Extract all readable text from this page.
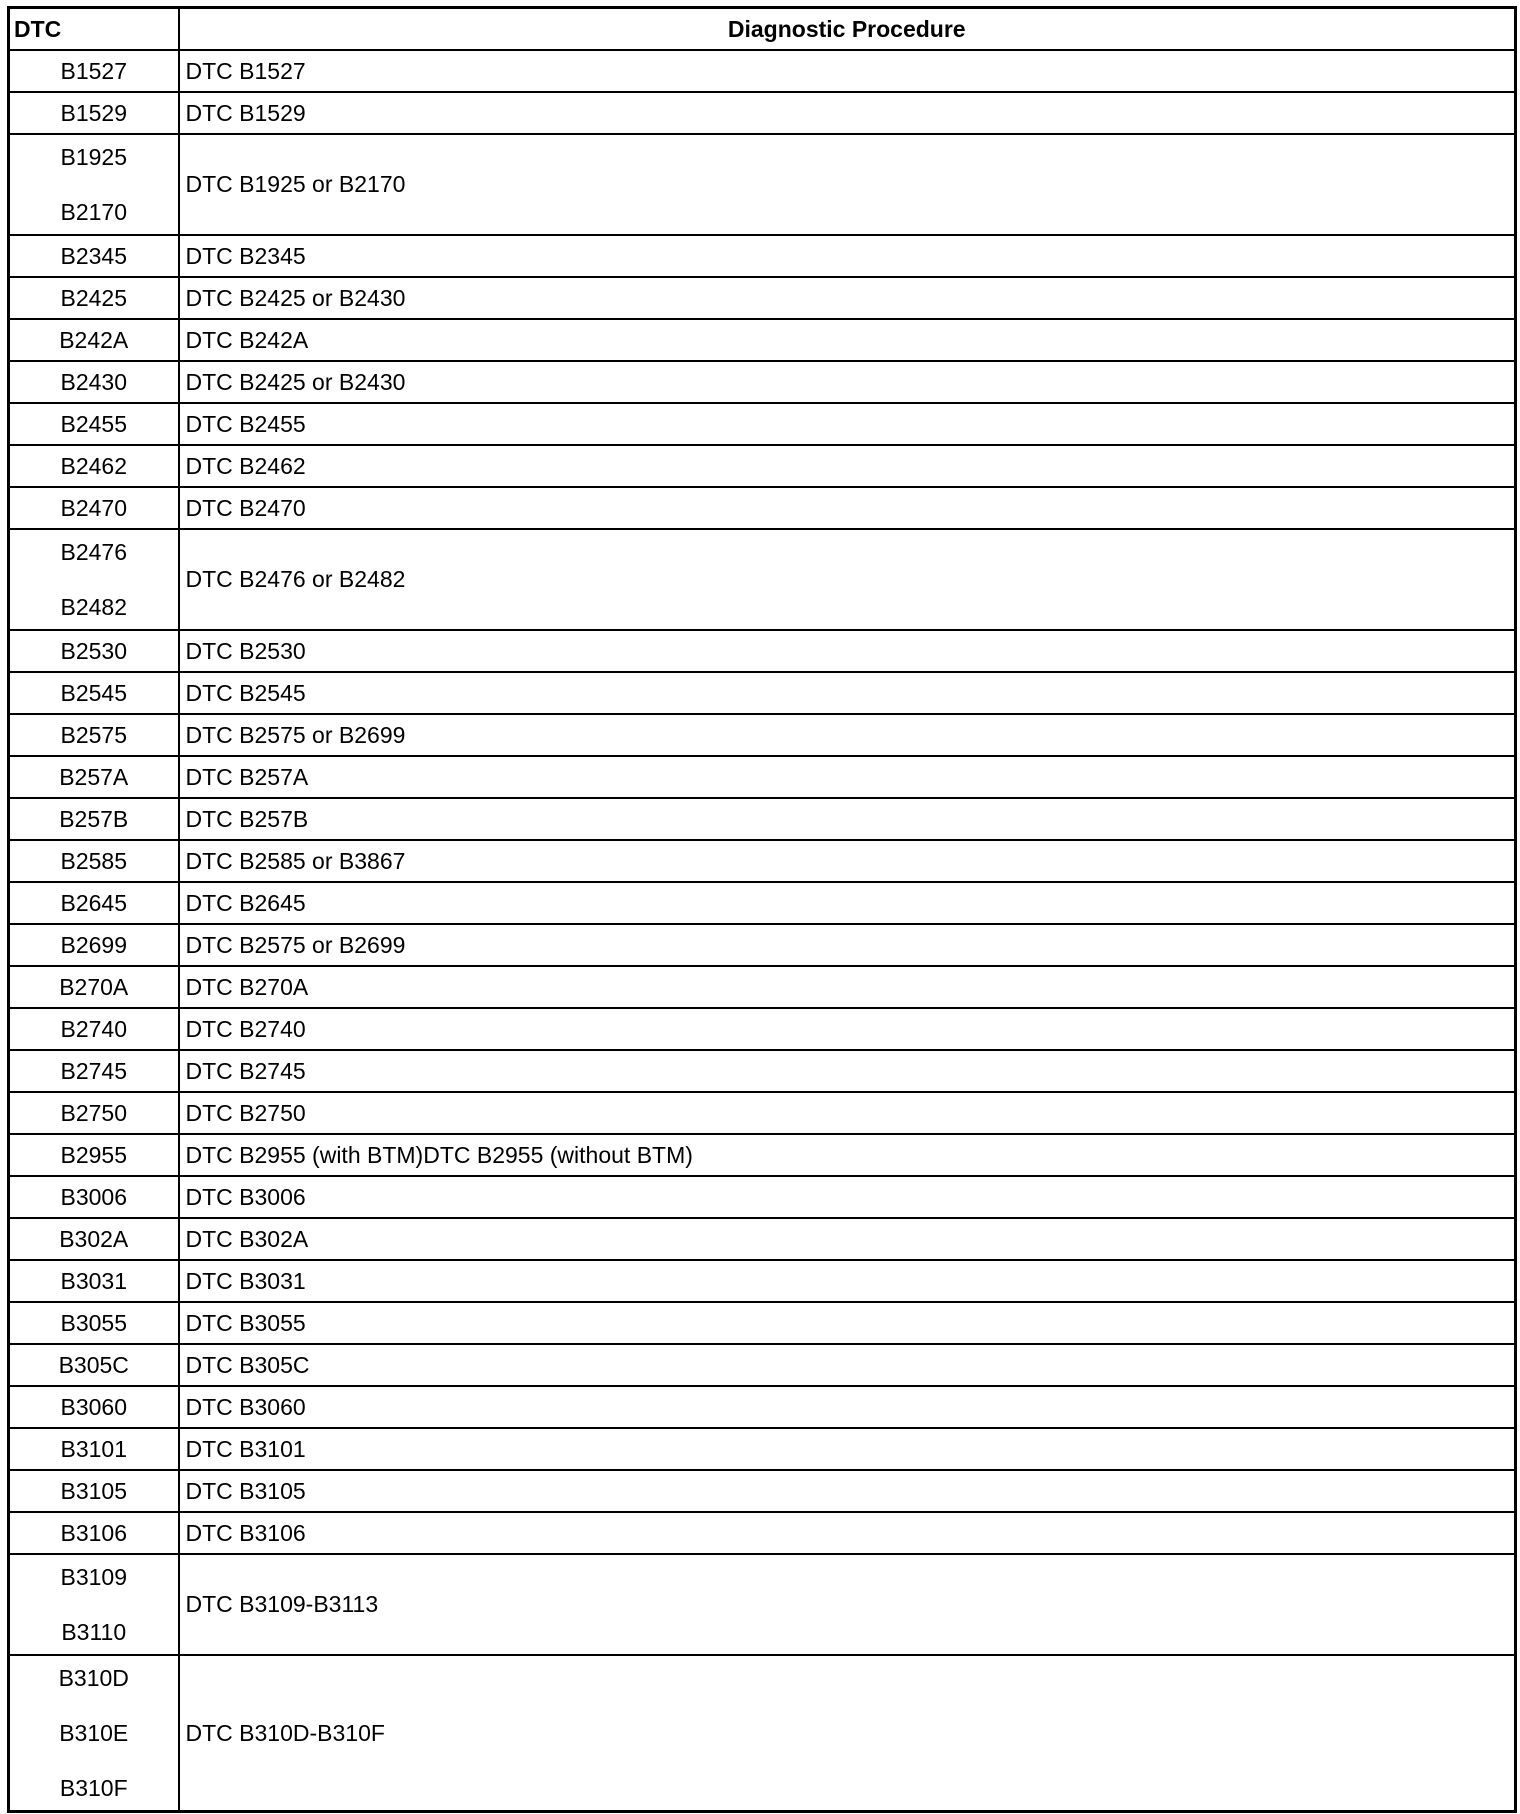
DTC	Diagnostic Procedure

B1527	DTC B1527

B1529	DTC B1529

B1925
B2170	DTC B1925 or B2170

B2345	DTC B2345

B2425	DTC B2425 or B2430

B242A	DTC B242A

B2430	DTC B2425 or B2430

B2455	DTC B2455

B2462	DTC B2462

B2470	DTC B2470

B2476
B2482	DTC B2476 or B2482

B2530	DTC B2530

B2545	DTC B2545

B2575	DTC B2575 or B2699

B257A	DTC B257A

B257B	DTC B257B

B2585	DTC B2585 or B3867

B2645	DTC B2645

B2699	DTC B2575 or B2699

B270A	DTC B270A

B2740	DTC B2740

B2745	DTC B2745

B2750	DTC B2750

B2955	DTC B2955 (with BTM)DTC B2955 (without BTM)

B3006	DTC B3006

B302A	DTC B302A

B3031	DTC B3031

B3055	DTC B3055

B305C	DTC B305C

B3060	DTC B3060

B3101	DTC B3101

B3105	DTC B3105

B3106	DTC B3106

B3109
B3110	DTC B3109-B3113

B310D
B310E
B310F	DTC B310D-B310F
